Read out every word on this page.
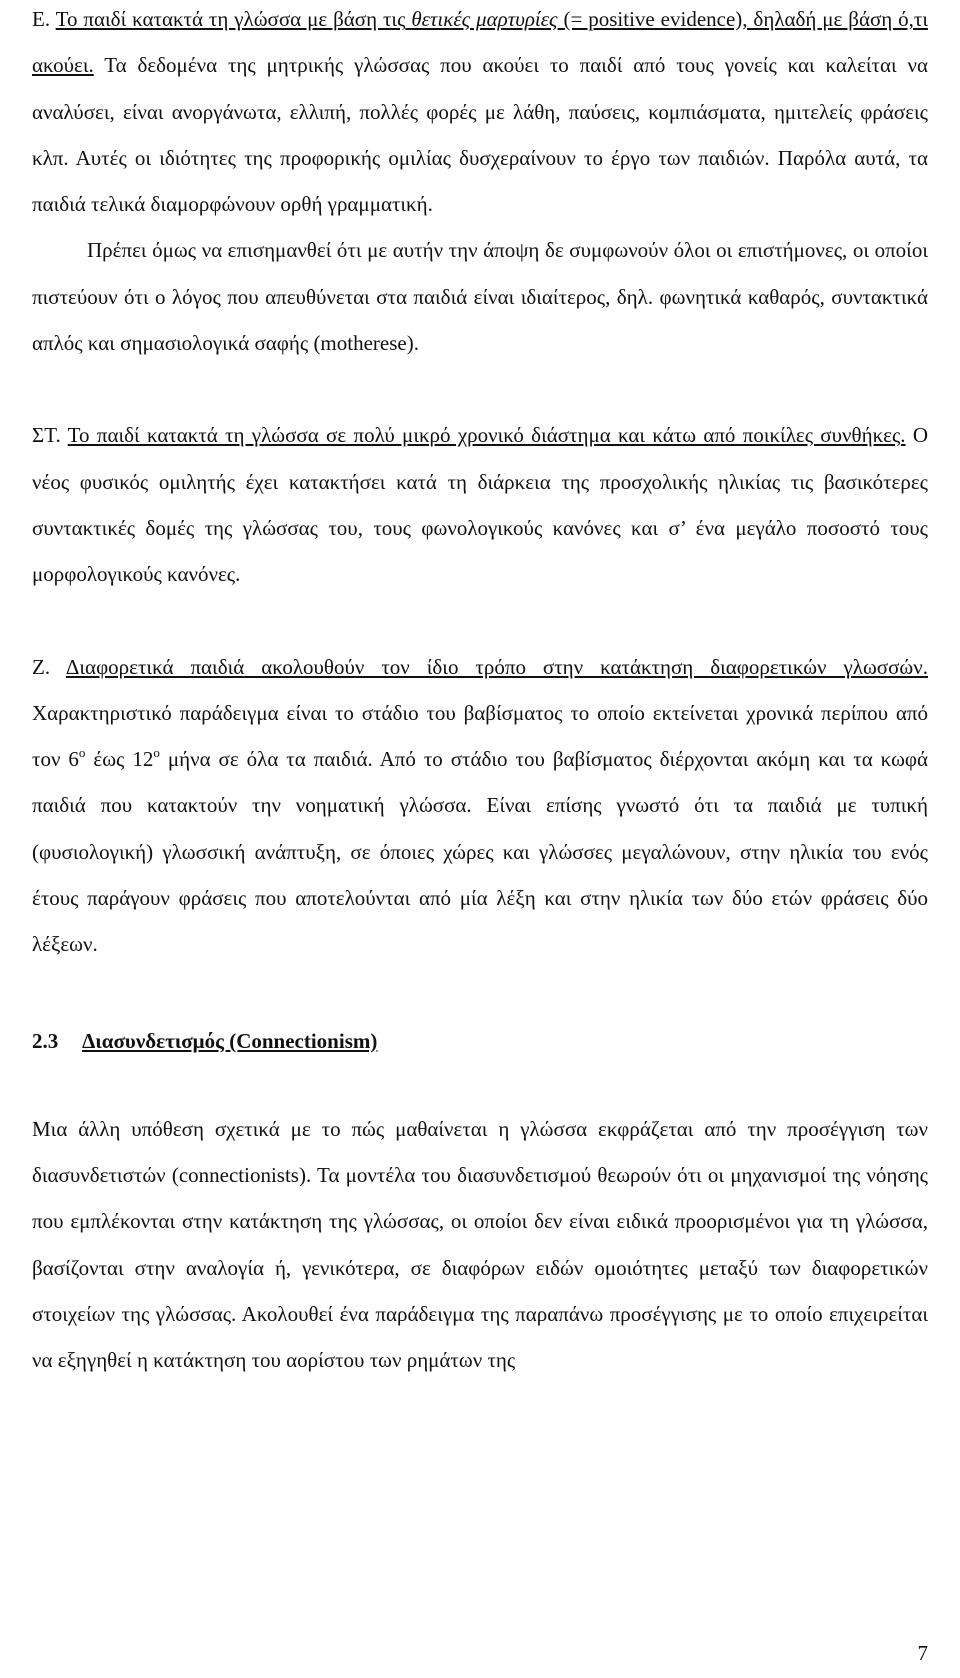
Ε. Το παιδί κατακτά τη γλώσσα με βάση τις θετικές μαρτυρίες (= positive evidence), δηλαδή με βάση ό,τι ακούει. Τα δεδομένα της μητρικής γλώσσας που ακούει το παιδί από τους γονείς και καλείται να αναλύσει, είναι ανοργάνωτα, ελλιπή, πολλές φορές με λάθη, παύσεις, κομπιάσματα, ημιτελείς φράσεις κλπ. Αυτές οι ιδιότητες της προφορικής ομιλίας δυσχεραίνουν το έργο των παιδιών. Παρόλα αυτά, τα παιδιά τελικά διαμορφώνουν ορθή γραμματική.

Πρέπει όμως να επισημανθεί ότι με αυτήν την άποψη δε συμφωνούν όλοι οι επιστήμονες, οι οποίοι πιστεύουν ότι ο λόγος που απευθύνεται στα παιδιά είναι ιδιαίτερος, δηλ. φωνητικά καθαρός, συντακτικά απλός και σημασιολογικά σαφής (motherese).

ΣΤ. Το παιδί κατακτά τη γλώσσα σε πολύ μικρό χρονικό διάστημα και κάτω από ποικίλες συνθήκες. Ο νέος φυσικός ομιλητής έχει κατακτήσει κατά τη διάρκεια της προσχολικής ηλικίας τις βασικότερες συντακτικές δομές της γλώσσας του, τους φωνολογικούς κανόνες και σ’ ένα μεγάλο ποσοστό τους μορφολογικούς κανόνες.

Ζ. Διαφορετικά παιδιά ακολουθούν τον ίδιο τρόπο στην κατάκτηση διαφορετικών γλωσσών. Χαρακτηριστικό παράδειγμα είναι το στάδιο του βαβίσματος το οποίο εκτείνεται χρονικά περίπου από τον $6^o$ έως $12^o$ μήνα σε όλα τα παιδιά. Από το στάδιο του βαβίσματος διέρχονται ακόμη και τα κωφά παιδιά που κατακτούν την νοηματική γλώσσα. Είναι επίσης γνωστό ότι τα παιδιά με τυπική (φυσιολογική) γλωσσική ανάπτυξη, σε όποιες χώρες και γλώσσες μεγαλώνουν, στην ηλικία του ενός έτους παράγουν φράσεις που αποτελούνται από μία λέξη και στην ηλικία των δύο ετών φράσεις δύο λέξεων.

2.3 Διασυνδετισμός (Connectionism)

Μια άλλη υπόθεση σχετικά με το πώς μαθαίνεται η γλώσσα εκφράζεται από την προσέγγιση των διασυνδετιστών (connectionists). Τα μοντέλα του διασυνδετισμού θεωρούν ότι οι μηχανισμοί της νόησης που εμπλέκονται στην κατάκτηση της γλώσσας, οι οποίοι δεν είναι ειδικά προορισμένοι για τη γλώσσα, βασίζονται στην αναλογία ή, γενικότερα, σε διαφόρων ειδών ομοιότητες μεταξύ των διαφορετικών στοιχείων της γλώσσας. Ακολουθεί ένα παράδειγμα της παραπάνω προσέγγισης με το οποίο επιχειρείται να εξηγηθεί η κατάκτηση του αορίστου των ρημάτων της

7
